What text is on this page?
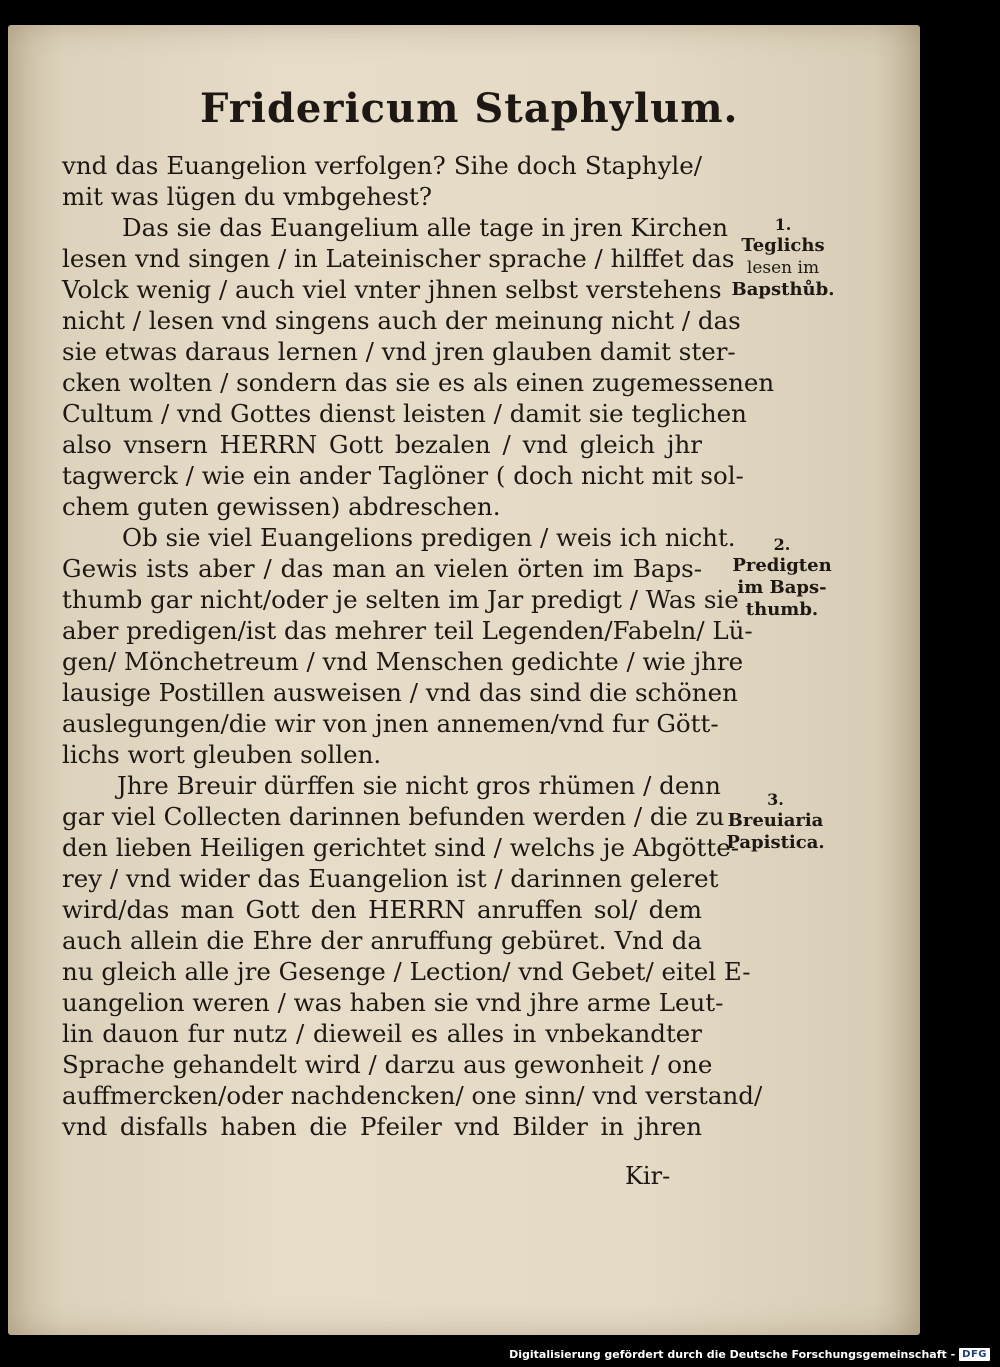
Fridericum Staphylum.
vnd das Euangelion verfolgen? Sihe doch Staphyle/
mit was lügen du vmbgehest?
Das sie das Euangelium alle tage in jren Kirchen
lesen vnd singen / in Lateinischer sprache / hilffet das
Volck wenig / auch viel vnter jhnen selbst verstehens
nicht / lesen vnd singens auch der meinung nicht / das
sie etwas daraus lernen / vnd jren glauben damit ster-
cken wolten / sondern das sie es als einen zugemessenen
Cultum / vnd Gottes dienst leisten / damit sie teglichen
also vnsern HERRN Gott bezalen / vnd gleich jhr
tagwerck / wie ein ander Taglöner ( doch nicht mit sol-
chem guten gewissen) abdreschen.
Ob sie viel Euangelions predigen / weis ich nicht.
Gewis ists aber / das man an vielen örten im Baps-
thumb gar nicht/oder je selten im Jar predigt / Was sie
aber predigen/ist das mehrer teil Legenden/Fabeln/ Lü-
gen/ Mönchetreum / vnd Menschen gedichte / wie jhre
lausige Postillen ausweisen / vnd das sind die schönen
auslegungen/die wir von jnen annemen/vnd fur Gött-
lichs wort gleuben sollen.
Jhre Breuir dürffen sie nicht gros rhümen / denn
gar viel Collecten darinnen befunden werden / die zu
den lieben Heiligen gerichtet sind / welchs je Abgötte-
rey / vnd wider das Euangelion ist / darinnen geleret
wird/das man Gott den HERRN anruffen sol/ dem
auch allein die Ehre der anruffung gebüret. Vnd da
nu gleich alle jre Gesenge / Lection/ vnd Gebet/ eitel E-
uangelion weren / was haben sie vnd jhre arme Leut-
lin dauon fur nutz / dieweil es alles in vnbekandter
Sprache gehandelt wird / darzu aus gewonheit / one
auffmercken/oder nachdencken/ one sinn/ vnd verstand/
vnd disfalls haben die Pfeiler vnd Bilder in jhren
1.
Teglichs
lesen im
Bapsthůb.
2.
Predigten
im Baps-
thumb.
3.
Breuiaria
Papistica.
Kir-
Digitalisierung gefördert durch die Deutsche Forschungsgemeinschaft - DFG
